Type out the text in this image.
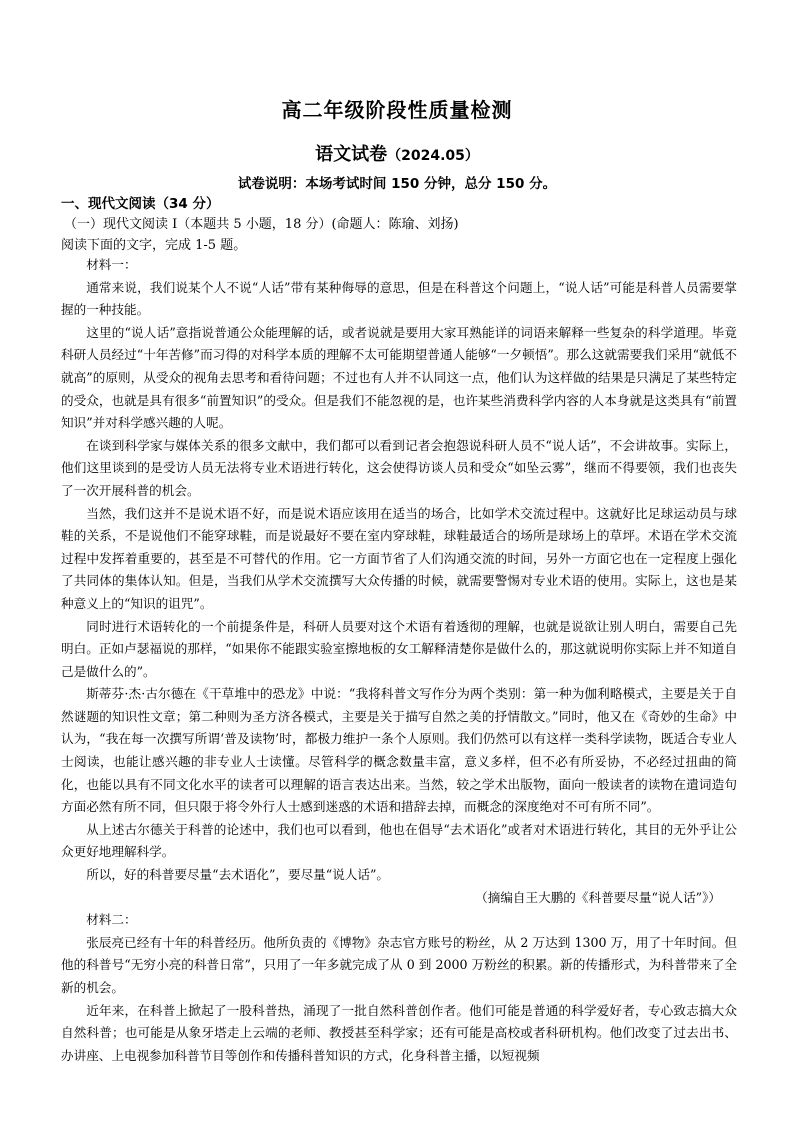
高二年级阶段性质量检测
语文试卷（2024.05）
试卷说明：本场考试时间 150 分钟，总分 150 分。
一、现代文阅读（34 分）
（一）现代文阅读 I（本题共 5 小题，18 分）(命题人：陈瑜、刘扬)
阅读下面的文字，完成 1-5 题。

材料一：

通常来说，我们说某个人不说“人话”带有某种侮辱的意思，但是在科普这个问题上，“说人话”可能是科普人员需要掌握的一种技能。

这里的“说人话”意指说普通公众能理解的话，或者说就是要用大家耳熟能详的词语来解释一些复杂的科学道理。毕竟科研人员经过“十年苦修”而习得的对科学本质的理解不太可能期望普通人能够“一夕顿悟”。那么这就需要我们采用“就低不就高”的原则，从受众的视角去思考和看待问题；不过也有人并不认同这一点，他们认为这样做的结果是只满足了某些特定的受众，也就是具有很多“前置知识”的受众。但是我们不能忽视的是，也许某些消费科学内容的人本身就是这类具有“前置知识”并对科学感兴趣的人呢。

在谈到科学家与媒体关系的很多文献中，我们都可以看到记者会抱怨说科研人员不“说人话”，不会讲故事。实际上，他们这里谈到的是受访人员无法将专业术语进行转化，这会使得访谈人员和受众“如坠云雾”，继而不得要领，我们也丧失了一次开展科普的机会。

当然，我们这并不是说术语不好，而是说术语应该用在适当的场合，比如学术交流过程中。这就好比足球运动员与球鞋的关系，不是说他们不能穿球鞋，而是说最好不要在室内穿球鞋，球鞋最适合的场所是球场上的草坪。术语在学术交流过程中发挥着重要的，甚至是不可替代的作用。它一方面节省了人们沟通交流的时间，另外一方面它也在一定程度上强化了共同体的集体认知。但是，当我们从学术交流撰写大众传播的时候，就需要警惕对专业术语的使用。实际上，这也是某种意义上的“知识的诅咒”。

同时进行术语转化的一个前提条件是，科研人员要对这个术语有着透彻的理解，也就是说欲让别人明白，需要自己先明白。正如卢瑟福说的那样，“如果你不能跟实验室擦地板的女工解释清楚你是做什么的，那这就说明你实际上并不知道自己是做什么的”。

斯蒂芬·杰·古尔德在《干草堆中的恐龙》中说：“我将科普文写作分为两个类别：第一种为伽利略模式，主要是关于自然谜题的知识性文章；第二种则为圣方济各模式，主要是关于描写自然之美的抒情散文。”同时，他又在《奇妙的生命》中认为，“我在每一次撰写所谓‘普及读物’时，都极力维护一条个人原则。我们仍然可以有这样一类科学读物，既适合专业人士阅读，也能让感兴趣的非专业人士读懂。尽管科学的概念数量丰富，意义多样，但不必有所妥协，不必经过扭曲的简化，也能以具有不同文化水平的读者可以理解的语言表达出来。当然，较之学术出版物，面向一般读者的读物在遣词造句方面必然有所不同，但只限于将令外行人士感到迷惑的术语和措辞去掉，而概念的深度绝对不可有所不同”。

从上述古尔德关于科普的论述中，我们也可以看到，他也在倡导“去术语化”或者对术语进行转化，其目的无外乎让公众更好地理解科学。

所以，好的科普要尽量“去术语化”，要尽量“说人话”。

（摘编自王大鹏的《科普要尽量“说人话”》）

材料二：

张辰亮已经有十年的科普经历。他所负责的《博物》杂志官方账号的粉丝，从 2 万达到 1300 万，用了十年时间。但他的科普号“无穷小亮的科普日常”，只用了一年多就完成了从 0 到 2000 万粉丝的积累。新的传播形式，为科普带来了全新的机会。

近年来，在科普上掀起了一股科普热，涌现了一批自然科普创作者。他们可能是普通的科学爱好者，专心致志搞大众自然科普；也可能是从象牙塔走上云端的老师、教授甚至科学家；还有可能是高校或者科研机构。他们改变了过去出书、办讲座、上电视参加科普节目等创作和传播科普知识的方式，化身科普主播，以短视频
